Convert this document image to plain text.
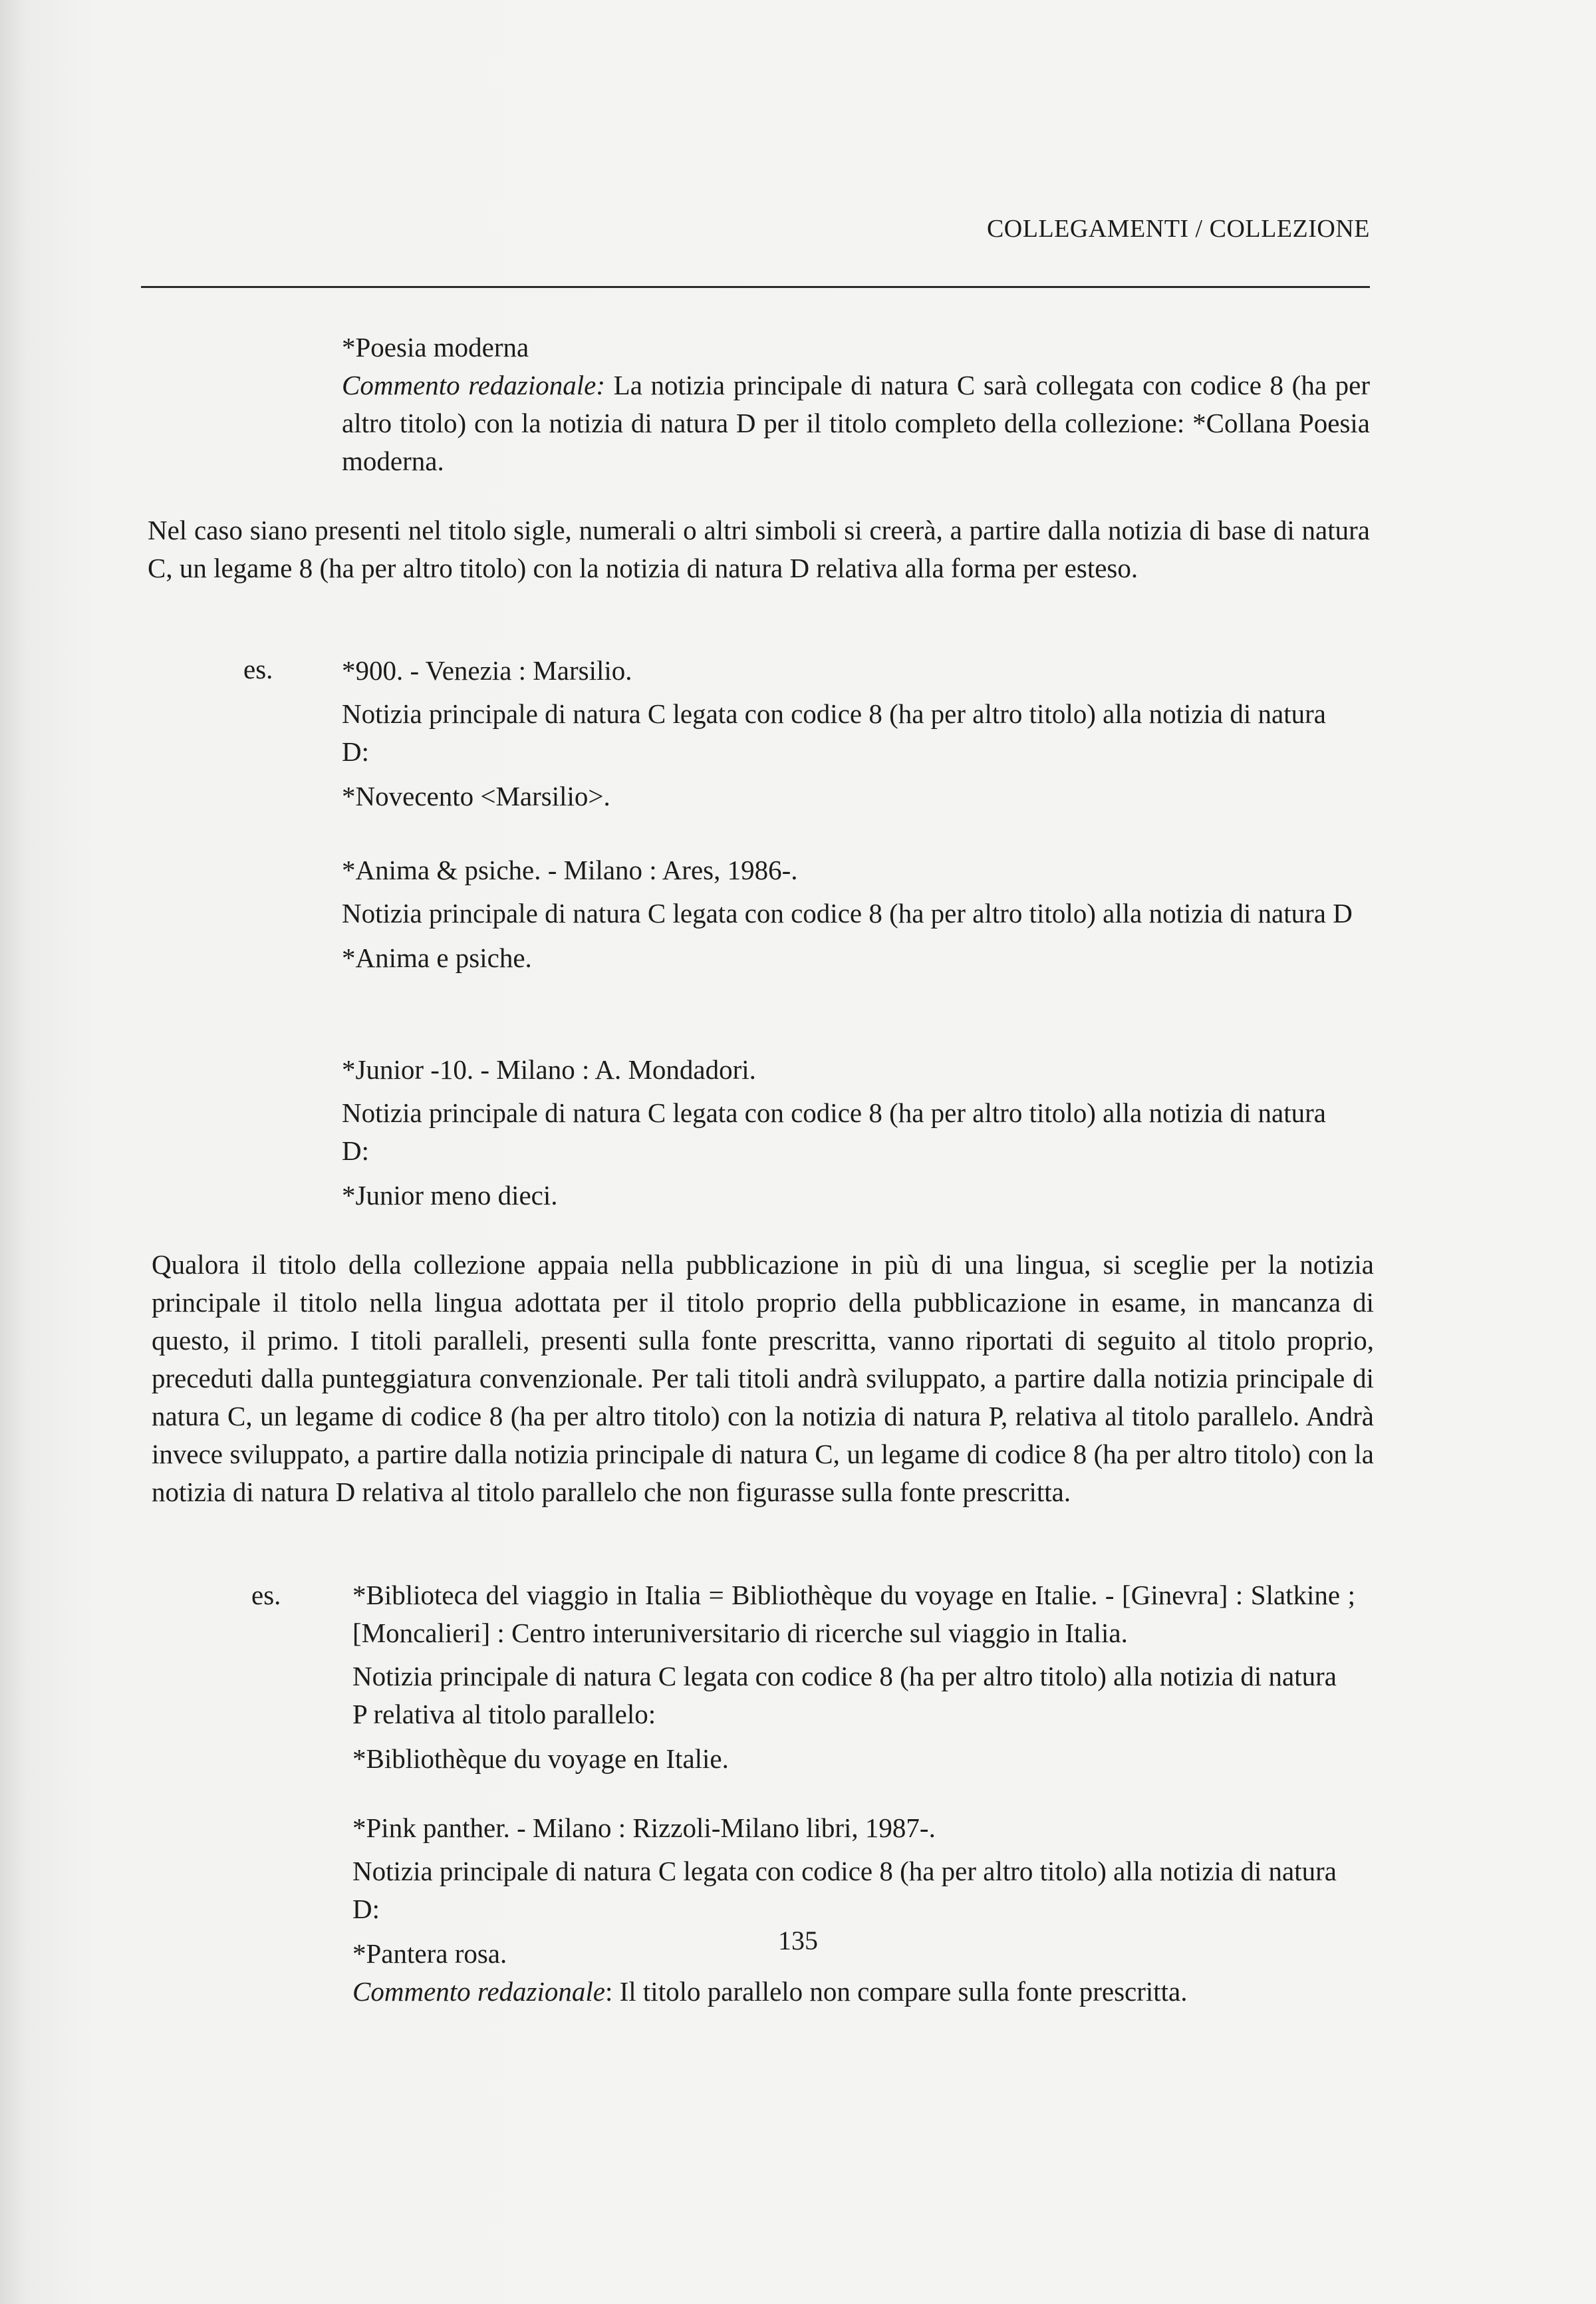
COLLEGAMENTI / COLLEZIONE

*Poesia moderna

Commento redazionale: La notizia principale di natura C sarà collegata con codice 8 (ha per altro titolo) con la notizia di natura D per il titolo completo della collezione: *Collana Poesia moderna.

Nel caso siano presenti nel titolo sigle, numerali o altri simboli si creerà, a partire dalla notizia di base di natura C, un legame 8 (ha per altro titolo) con la notizia di natura D relativa alla forma per esteso.
es.	*900. - Venezia : Marsilio.

Notizia principale di natura C legata con codice 8 (ha per altro titolo) alla notizia di natura D:

*Novecento <Marsilio>.

*Anima & psiche. - Milano : Ares, 1986-.

Notizia principale di natura C legata con codice 8 (ha per altro titolo) alla notizia di natura D

*Anima e psiche.

*Junior -10. - Milano : A. Mondadori.

Notizia principale di natura C legata con codice 8 (ha per altro titolo) alla notizia di natura D:

*Junior meno dieci.

Qualora il titolo della collezione appaia nella pubblicazione in più di una lingua, si sceglie per la notizia principale il titolo nella lingua adottata per il titolo proprio della pubblicazione in esame, in mancanza di questo, il primo. I titoli paralleli, presenti sulla fonte prescritta, vanno riportati di seguito al titolo proprio, preceduti dalla punteggiatura convenzionale. Per tali titoli andrà sviluppato, a partire dalla notizia principale di natura C, un legame di codice 8 (ha per altro titolo) con la notizia di natura P, relativa al titolo parallelo. Andrà invece sviluppato, a partire dalla notizia principale di natura C, un legame di codice 8 (ha per altro titolo) con la notizia di natura D relativa al titolo parallelo che non figurasse sulla fonte prescritta.
es.	*Biblioteca del viaggio in Italia = Bibliothèque du voyage en Italie. - [Ginevra] : Slatkine ; [Moncalieri] : Centro interuniversitario di ricerche sul viaggio in Italia.

Notizia principale di natura C legata con codice 8 (ha per altro titolo) alla notizia di natura P relativa al titolo parallelo:

*Bibliothèque du voyage en Italie.

*Pink panther. - Milano : Rizzoli-Milano libri, 1987-.

Notizia principale di natura C legata con codice 8 (ha per altro titolo) alla notizia di natura D:

*Pantera rosa.

Commento redazionale: Il titolo parallelo non compare sulla fonte prescritta.

135
